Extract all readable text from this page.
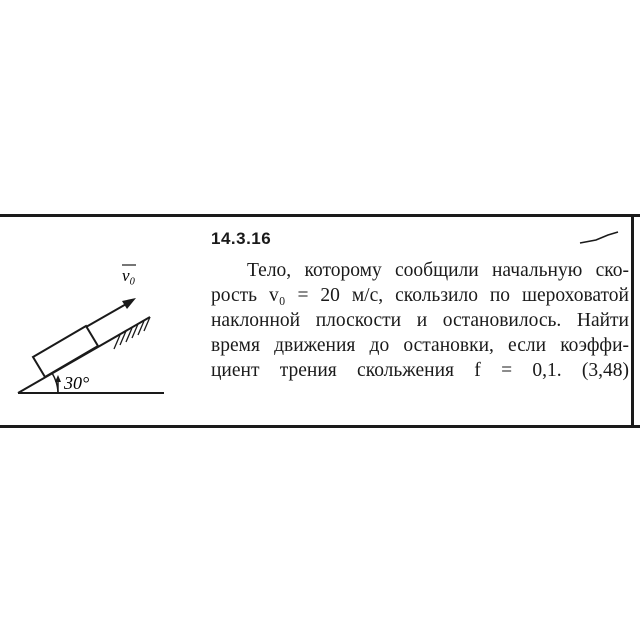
v₀
30°
14.3.16
Тело, которому сообщили начальную ско-
рость v₀ = 20 м/с, скользило по шероховатой
наклонной плоскости и остановилось. Найти
время движения до остановки, если коэффи-
циент трения скольжения f = 0,1. (3,48)
